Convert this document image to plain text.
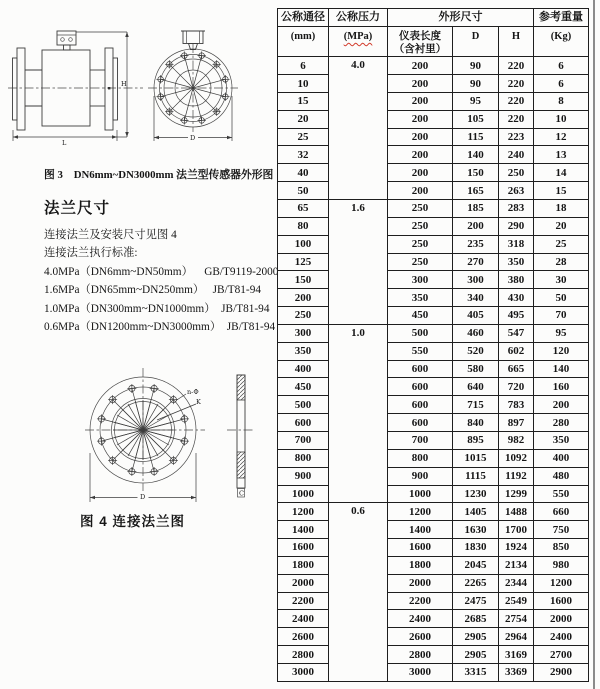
H
L
D
图 3    DN6mm~DN3000mm 法兰型传感器外形图
法兰尺寸
连接法兰及安装尺寸见图 4
连接法兰执行标准:
4.0MPa（DN6mm~DN50mm）    GB/T9119-2000
1.6MPa（DN65mm~DN250mm）   JB/T81-94
1.0MPa（DN300mm~DN1000mm）  JB/T81-94
0.6MPa（DN1200mm~DN3000mm）  JB/T81-94
n-Φ
K
D	C
图 4 连接法兰图
公称通径	公称压力	外形尺寸			参考重量
(mm)	(MPa)	仪表长度
（含衬里）	D	H	(Kg)
6	4.0	200	90	220	6
10		200	90	220	6
15		200	95	220	8
20		200	105	220	10
25		200	115	223	12
32		200	140	240	13
40		200	150	250	14
50		200	165	263	15
65	1.6	250	185	283	18
80		250	200	290	20
100		250	235	318	25
125		250	270	350	28
150		300	300	380	30
200		350	340	430	50
250		450	405	495	70
300	1.0	500	460	547	95
350		550	520	602	120
400		600	580	665	140
450		600	640	720	160
500		600	715	783	200
600		600	840	897	280
700		700	895	982	350
800		800	1015	1092	400
900		900	1115	1192	480
1000		1000	1230	1299	550
1200	0.6	1200	1405	1488	660
1400		1400	1630	1700	750
1600		1600	1830	1924	850
1800		1800	2045	2134	980
2000		2000	2265	2344	1200
2200		2200	2475	2549	1600
2400		2400	2685	2754	2000
2600		2600	2905	2964	2400
2800		2800	2905	3169	2700
3000		3000	3315	3369	2900
